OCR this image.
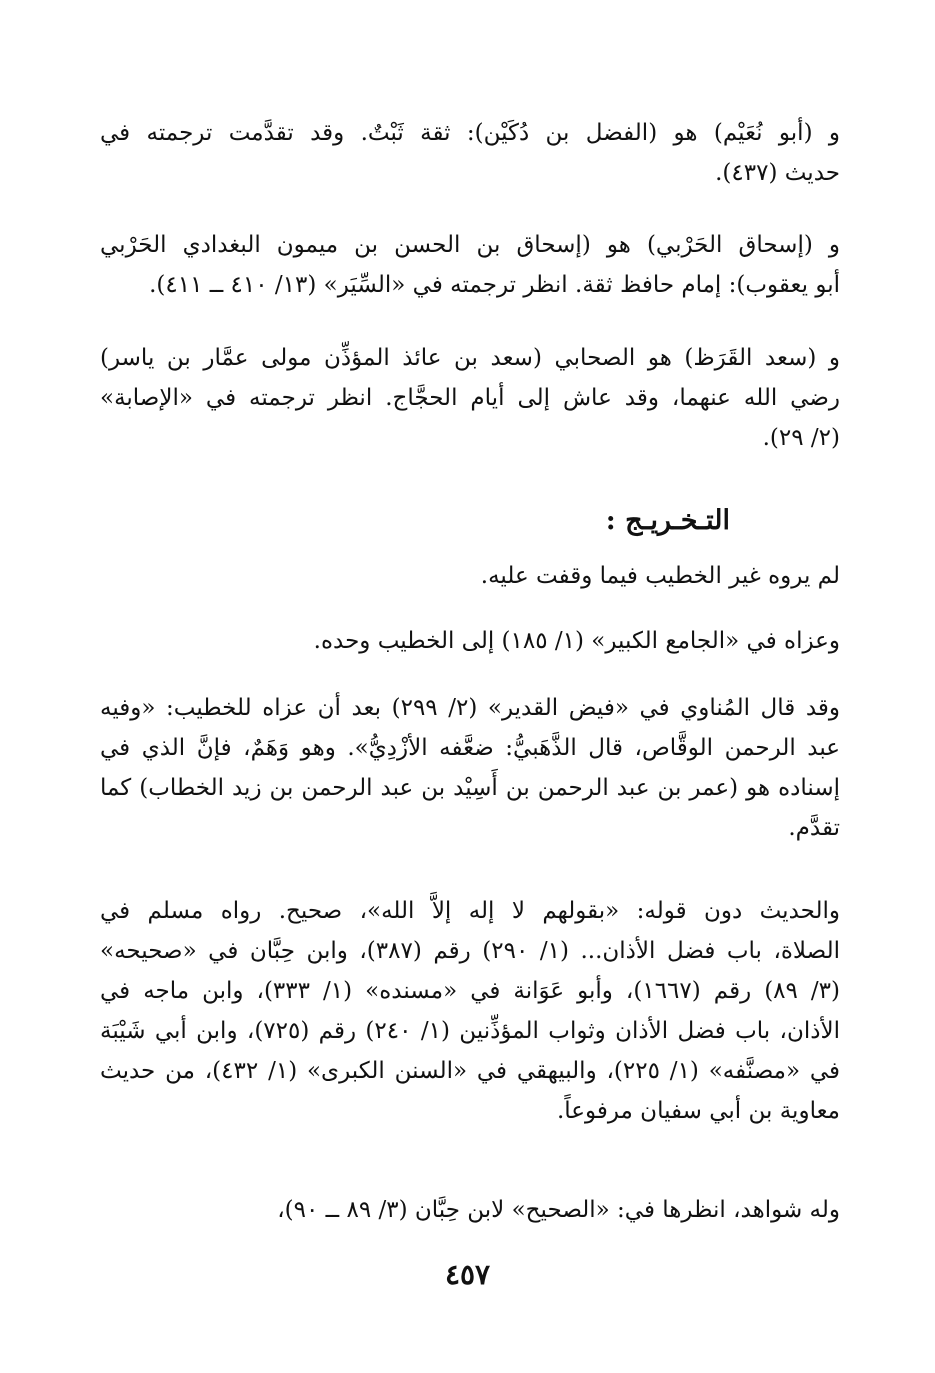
و (أبو نُعَيْم) هو (الفضل بن دُكَيْن): ثقة ثَبْتٌ. وقد تقدَّمت ترجمته في
حديث (٤٣٧).
و (إسحاق الحَرْبي) هو (إسحاق بن الحسن بن ميمون البغدادي الحَرْبي
أبو يعقوب): إمام حافظ ثقة. انظر ترجمته في «السِّيَر» (١٣/ ٤١٠ ــ ٤١١).
و (سعد القَرَظ) هو الصحابي (سعد بن عائذ المؤذِّن مولى عمَّار بن ياسر)
رضي الله عنهما، وقد عاش إلى أيام الحجَّاج. انظر ترجمته في «الإصابة»
(٢/ ٢٩).
التـخـريـج :
لم يروه غير الخطيب فيما وقفت عليه.
وعزاه في «الجامع الكبير» (١/ ١٨٥) إلى الخطيب وحده.
وقد قال المُناوي في «فيض القدير» (٢/ ٢٩٩) بعد أن عزاه للخطيب: «وفيه
عبد الرحمن الوقَّاص، قال الذَّهَبيُّ: ضعَّفه الأزْدِيُّ». وهو وَهَمٌ، فإنَّ الذي في
إسناده هو (عمر بن عبد الرحمن بن أَسِيْد بن عبد الرحمن بن زيد الخطاب) كما
تقدَّم.
والحديث دون قوله: «بقولهم لا إله إلاَّ الله»، صحيح. رواه مسلم في
الصلاة، باب فضل الأذان... (١/ ٢٩٠) رقم (٣٨٧)، وابن حِبَّان في «صحيحه»
(٣/ ٨٩) رقم (١٦٦٧)، وأبو عَوَانة في «مسنده» (١/ ٣٣٣)، وابن ماجه في
الأذان، باب فضل الأذان وثواب المؤذِّنين (١/ ٢٤٠) رقم (٧٢٥)، وابن أبي شَيْبَة
في «مصنَّفه» (١/ ٢٢٥)، والبيهقي في «السنن الكبرى» (١/ ٤٣٢)، من حديث
معاوية بن أبي سفيان مرفوعاً.
وله شواهد، انظرها في: «الصحيح» لابن حِبَّان (٣/ ٨٩ ــ ٩٠)،
٤٥٧
